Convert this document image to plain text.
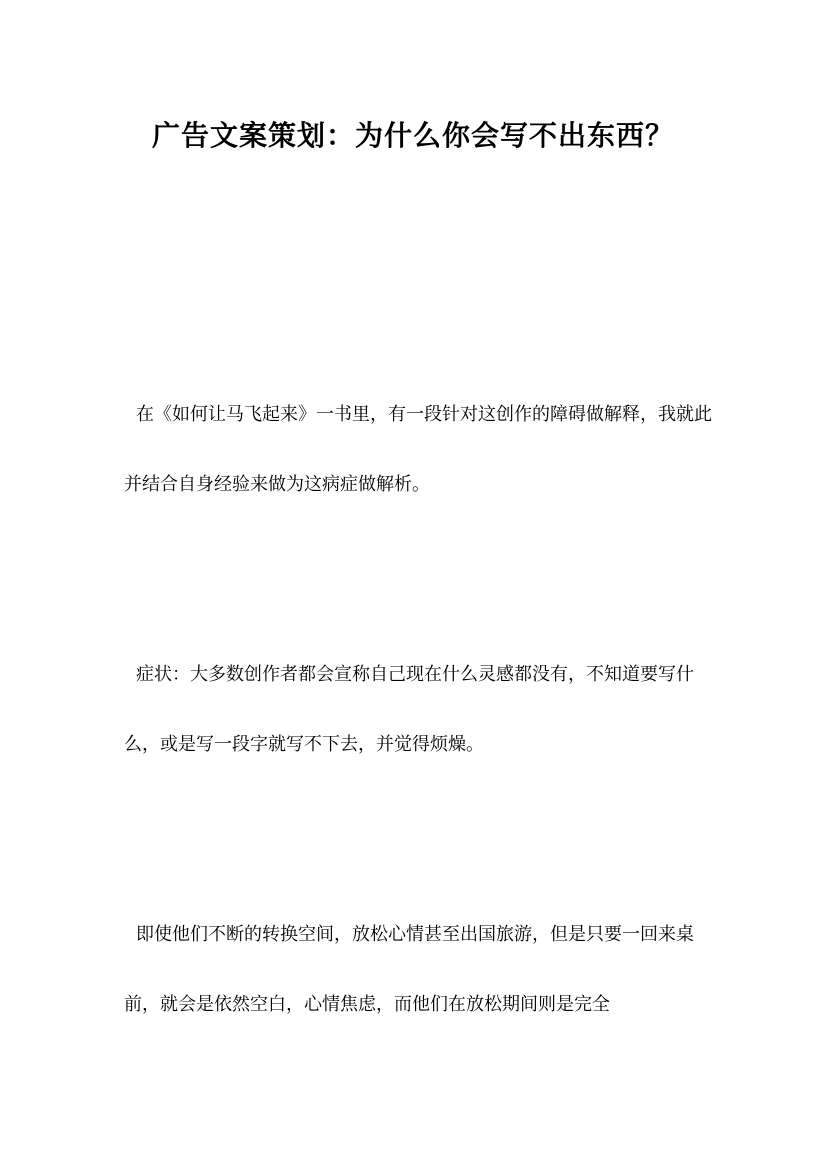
广告文案策划：为什么你会写不出东西？

在《如何让马飞起来》一书里，有一段针对这创作的障碍做解释，我就此并结合自身经验来做为这病症做解析。

症状：大多数创作者都会宣称自己现在什么灵感都没有，不知道要写什么，或是写一段字就写不下去，并觉得烦燥。

即使他们不断的转换空间，放松心情甚至出国旅游，但是只要一回来桌前，就会是依然空白，心情焦虑，而他们在放松期间则是完全
